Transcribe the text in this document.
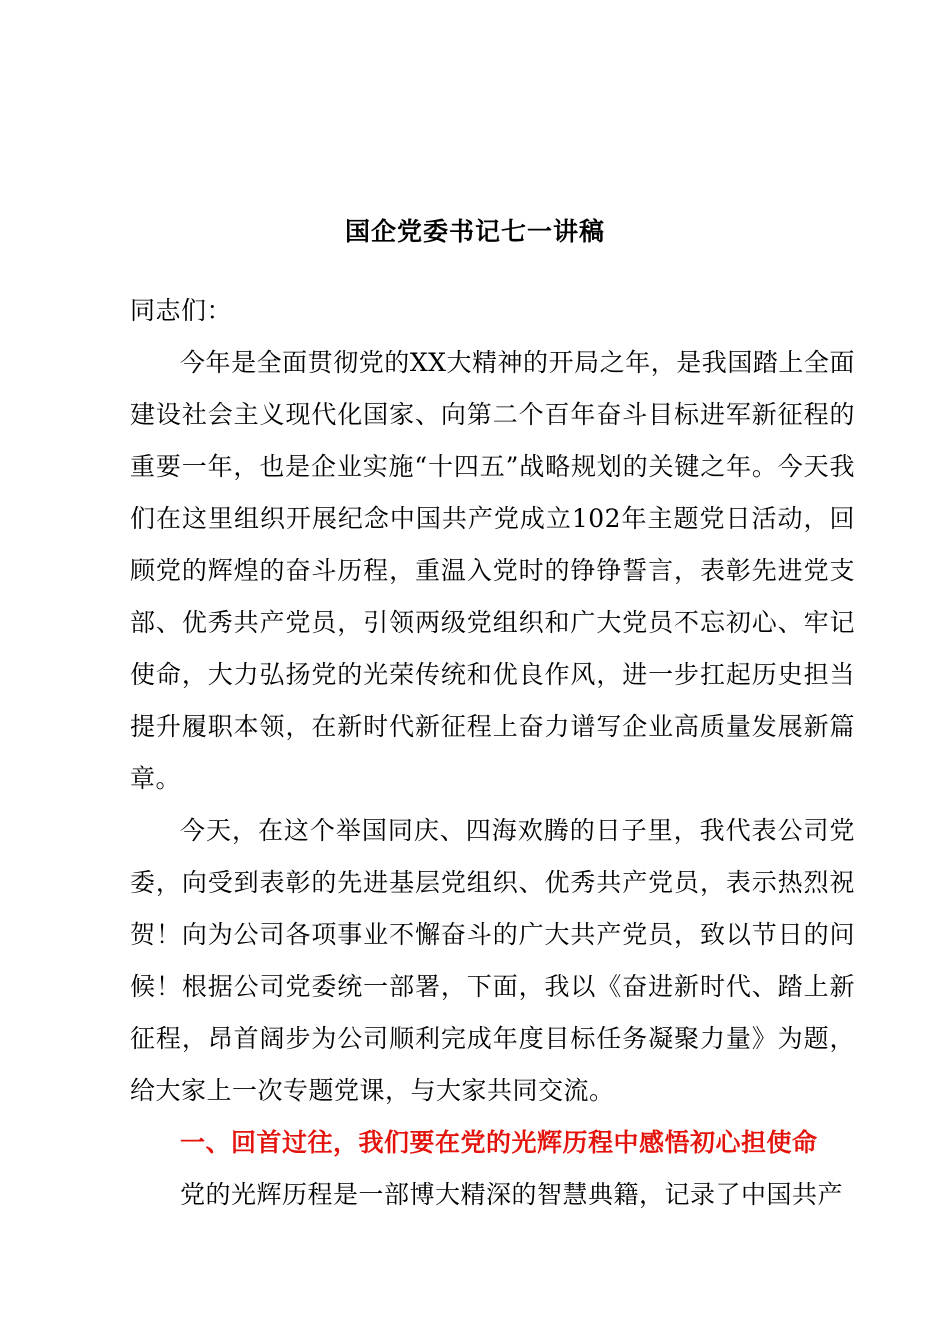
国企党委书记七一讲稿

同志们：

今年是全面贯彻党的XX大精神的开局之年，是我国踏上全面建设社会主义现代化国家、向第二个百年奋斗目标进军新征程的重要一年，也是企业实施“十四五”战略规划的关键之年。今天我们在这里组织开展纪念中国共产党成立102年主题党日活动，回顾党的辉煌的奋斗历程，重温入党时的铮铮誓言，表彰先进党支部、优秀共产党员，引领两级党组织和广大党员不忘初心、牢记使命，大力弘扬党的光荣传统和优良作风，进一步扛起历史担当提升履职本领，在新时代新征程上奋力谱写企业高质量发展新篇章。

今天，在这个举国同庆、四海欢腾的日子里，我代表公司党委，向受到表彰的先进基层党组织、优秀共产党员，表示热烈祝贺！向为公司各项事业不懈奋斗的广大共产党员，致以节日的问候！根据公司党委统一部署，下面，我以《奋进新时代、踏上新征程，昂首阔步为公司顺利完成年度目标任务凝聚力量》为题，给大家上一次专题党课，与大家共同交流。

一、回首过往，我们要在党的光辉历程中感悟初心担使命

党的光辉历程是一部博大精深的智慧典籍，记录了中国共产
